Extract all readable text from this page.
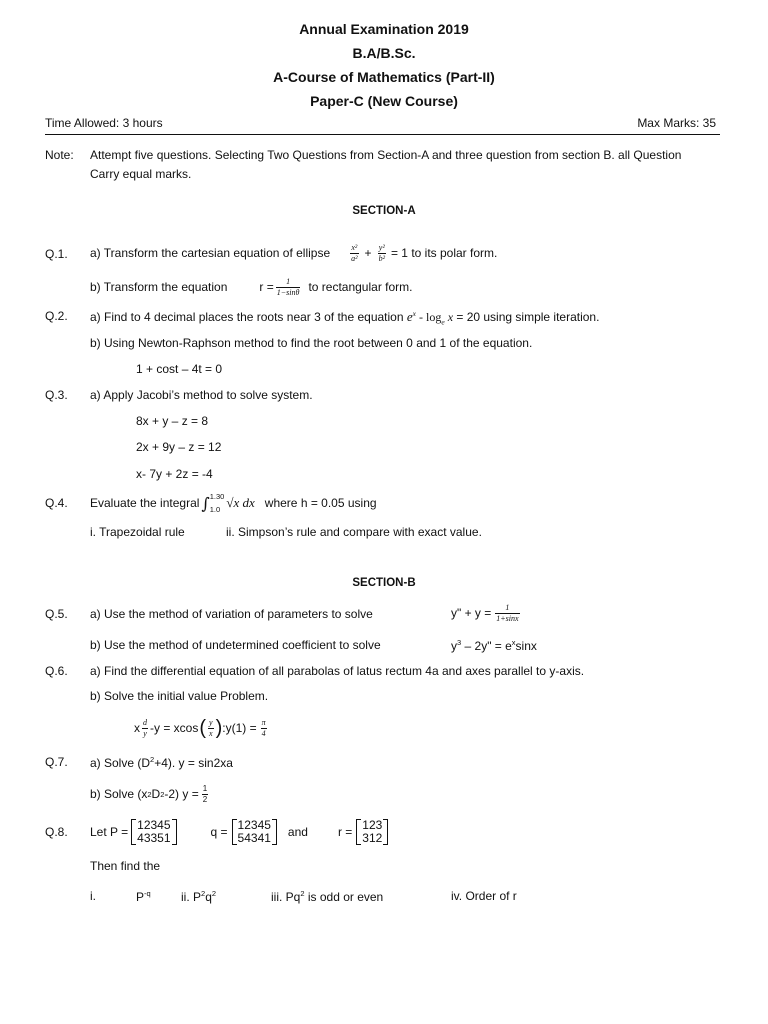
Annual Examination 2019
B.A/B.Sc.
A-Course of Mathematics (Part-II)
Paper-C (New Course)
Time Allowed: 3 hours	Max Marks: 35
Note: Attempt five questions. Selecting Two Questions from Section-A and three question from section B. all Question
Carry equal marks.
SECTION-A
Q.1. a) Transform the cartesian equation of ellipse	$\frac{\text{x²}}{\text{a²}} + \frac{\text{y²}}{\text{b²}} = 1$ to its polar form.
b) Transform the equation	$r = \frac{1}{1-\sin\theta}$ to rectangular form.
Q.2. a) Find to 4 decimal places the roots near 3 of the equation $e^x - \log_e x = 20$ using simple iteration.
b) Using Newton-Raphson method to find the root between 0 and 1 of the equation.
1 + cost – 4t = 0
Q.3. a) Apply Jacobi’s method to solve system.
8x + y – z = 8
2x + 9y – z = 12
x- 7y + 2z = -4
Q.4. Evaluate the integral ∫ 1.30
1.0 √x dx where h = 0.05 using
i. Trapezoidal rule	ii. Simpson’s rule and compare with exact value.
SECTION-B
Q.5. a) Use the method of variation of parameters to solve	y" + $y = \frac{1}{1+\sin x}$
b) Use the method of undetermined coefficient to solve	$y^3 - 2y$" = $e^x\sin x$
Q.6. a) Find the differential equation of all parabolas of latus rectum 4a and axes parallel to y-axis.
b) Solve the initial value Problem.
x $\frac{d}{y} -y = xcos$ ( $\frac{y}{x}$ ) :y(1) = $\frac{\pi}{4}$
Q.7. a) Solve $(D^2+4)$. y = sin2xa
b) Solve (x 2 D 2 -2) $y = \frac{1}{2}$
Q.8. Let P = 12345
43351	q = 12345
54341 and	r = 123
312
Then find the
i.	$P^{-q}$	ii. $P^2q^2$	iii. Pq$^2$ is odd or even	iv. Order of r
